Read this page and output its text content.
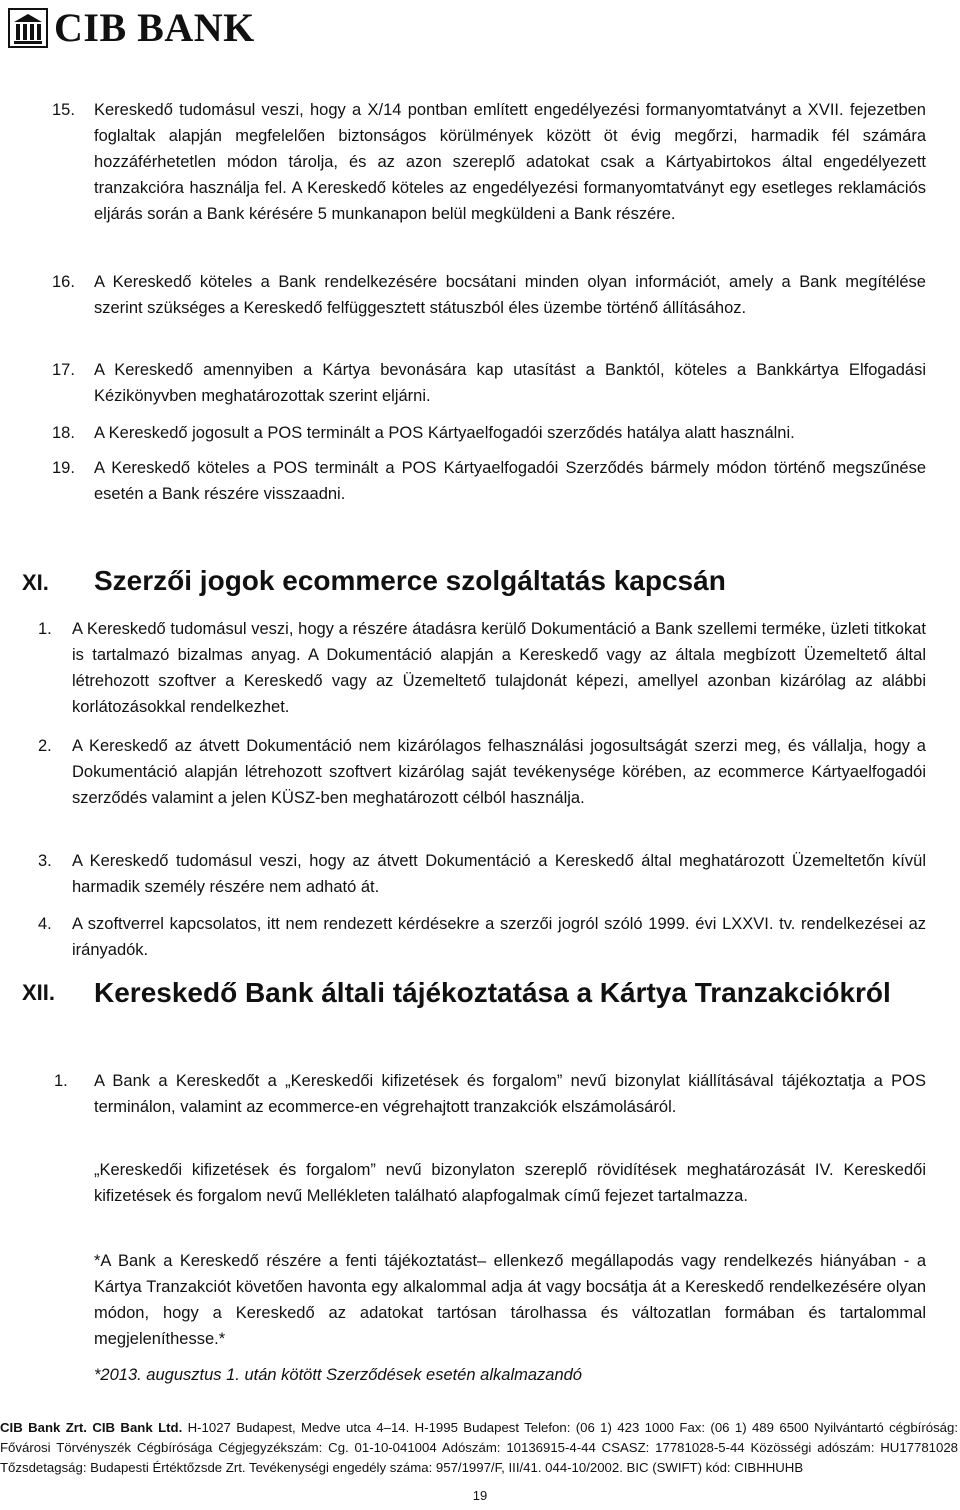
CIB BANK
15. Kereskedő tudomásul veszi, hogy a X/14 pontban említett engedélyezési formanyomtatványt a XVII. fejezetben foglaltak alapján megfelelően biztonságos körülmények között öt évig megőrzi, harmadik fél számára hozzáférhetetlen módon tárolja, és az azon szereplő adatokat csak a Kártyabirtokos által engedélyezett tranzakcióra használja fel. A Kereskedő köteles az engedélyezési formanyomtatványt egy esetleges reklamációs eljárás során a Bank kérésére 5 munkanapon belül megküldeni a Bank részére.
16. A Kereskedő köteles a Bank rendelkezésére bocsátani minden olyan információt, amely a Bank megítélése szerint szükséges a Kereskedő felfüggesztett státuszból éles üzembe történő állításához.
17. A Kereskedő amennyiben a Kártya bevonására kap utasítást a Banktól, köteles a Bankkártya Elfogadási Kézikönyvben meghatározottak szerint eljárni.
18. A Kereskedő jogosult a POS terminált a POS Kártyaelfogadói szerződés hatálya alatt használni.
19. A Kereskedő köteles a POS terminált a POS Kártyaelfogadói Szerződés bármely módon történő megszűnése esetén a Bank részére visszaadni.
XI. Szerzői jogok ecommerce szolgáltatás kapcsán
1. A Kereskedő tudomásul veszi, hogy a részére átadásra kerülő Dokumentáció a Bank szellemi terméke, üzleti titkokat is tartalmazó bizalmas anyag. A Dokumentáció alapján a Kereskedő vagy az általa megbízott Üzemeltető által létrehozott szoftver a Kereskedő vagy az Üzemeltető tulajdonát képezi, amellyel azonban kizárólag az alábbi korlátozásokkal rendelkezhet.
2. A Kereskedő az átvett Dokumentáció nem kizárólagos felhasználási jogosultságát szerzi meg, és vállalja, hogy a Dokumentáció alapján létrehozott szoftvert kizárólag saját tevékenysége körében, az ecommerce Kártyaelfogadói szerződés valamint a jelen KÜSZ-ben meghatározott célból használja.
3. A Kereskedő tudomásul veszi, hogy az átvett Dokumentáció a Kereskedő által meghatározott Üzemeltetőn kívül harmadik személy részére nem adható át.
4. A szoftverrel kapcsolatos, itt nem rendezett kérdésekre a szerzői jogról szóló 1999. évi LXXVI. tv. rendelkezései az irányadók.
XII. Kereskedő Bank általi tájékoztatása a Kártya Tranzakciókról
1. A Bank a Kereskedőt a „Kereskedői kifizetések és forgalom” nevű bizonylat kiállításával tájékoztatja a POS terminálon, valamint az ecommerce-en végrehajtott tranzakciók elszámolásáról.
„Kereskedői kifizetések és forgalom” nevű bizonylaton szereplő rövidítések meghatározását IV. Kereskedői kifizetések és forgalom nevű Mellékleten található alapfogalmak című fejezet tartalmazza.
*A Bank a Kereskedő részére a fenti tájékoztatást– ellenkező megállapodás vagy rendelkezés hiányában - a Kártya Tranzakciót követően havonta egy alkalommal adja át vagy bocsátja át a Kereskedő rendelkezésére olyan módon, hogy a Kereskedő az adatokat tartósan tárolhassa és változatlan formában és tartalommal megjeleníthesse.*
*2013. augusztus 1. után kötött Szerződések esetén alkalmazandó
CIB Bank Zrt. CIB Bank Ltd. H-1027 Budapest, Medve utca 4–14. H-1995 Budapest Telefon: (06 1) 423 1000 Fax: (06 1) 489 6500 Nyilvántartó cégbíróság: Fővárosi Törvényszék Cégbírósága Cégjegyzékszám: Cg. 01-10-041004 Adószám: 10136915-4-44 CSASZ: 17781028-5-44 Közösségi adószám: HU17781028 Tőzsdetagság: Budapesti Értéktőzsde Zrt. Tevékenységi engedély száma: 957/1997/F, III/41. 044-10/2002. BIC (SWIFT) kód: CIBHHUHB
19
